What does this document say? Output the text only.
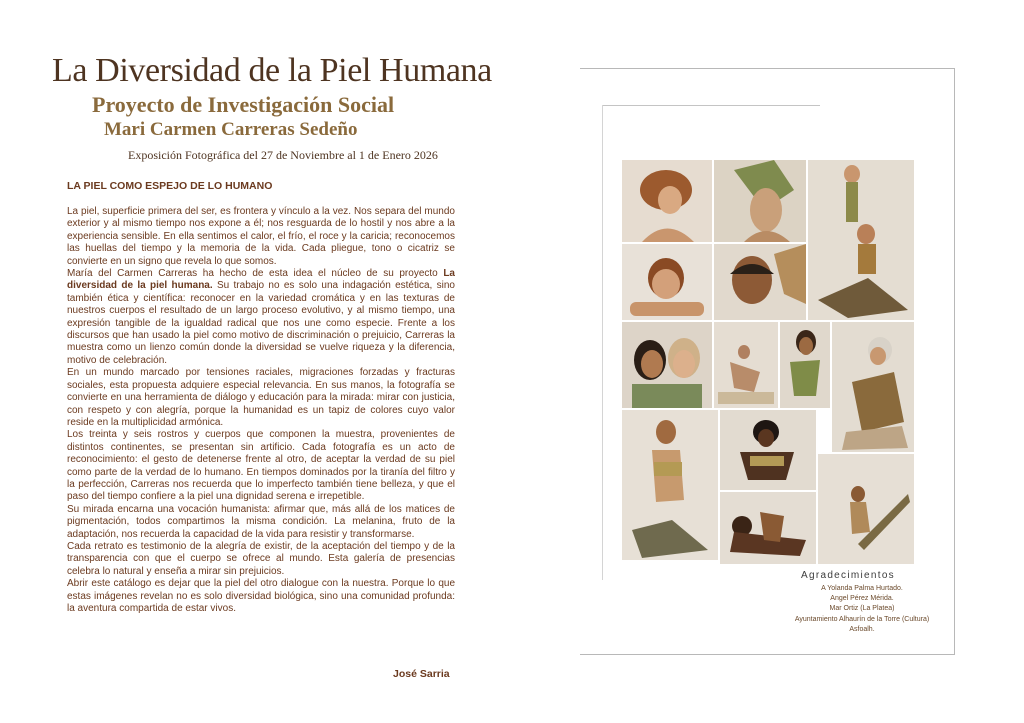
La Diversidad de la Piel Humana
Proyecto de Investigación Social
Mari Carmen Carreras Sedeño

Exposición Fotográfica del 27 de Noviembre al 1 de Enero 2026

LA PIEL COMO ESPEJO DE LO HUMANO

La piel, superficie primera del ser, es frontera y vínculo a la vez. Nos separa del mundo exterior y al mismo tiempo nos expone a él; nos resguarda de lo hostil y nos abre a la experiencia sensible. En ella sentimos el calor, el frío, el roce y la caricia; reconocemos las huellas del tiempo y la memoria de la vida. Cada pliegue, tono o cicatriz se convierte en un signo que revela lo que somos.

María del Carmen Carreras ha hecho de esta idea el núcleo de su proyecto La diversidad de la piel humana. Su trabajo no es solo una indagación estética, sino también ética y científica: reconocer en la variedad cromática y en las texturas de nuestros cuerpos el resultado de un largo proceso evolutivo, y al mismo tiempo, una expresión tangible de la igualdad radical que nos une como especie. Frente a los discursos que han usado la piel como motivo de discriminación o prejuicio, Carreras la muestra como un lienzo común donde la diversidad se vuelve riqueza y la diferencia, motivo de celebración.

En un mundo marcado por tensiones raciales, migraciones forzadas y fracturas sociales, esta propuesta adquiere especial relevancia. En sus manos, la fotografía se convierte en una herramienta de diálogo y educación para la mirada: mirar con justicia, con respeto y con alegría, porque la humanidad es un tapiz de colores cuyo valor reside en la multiplicidad armónica.

Los treinta y seis rostros y cuerpos que componen la muestra, provenientes de distintos continentes, se presentan sin artificio. Cada fotografía es un acto de reconocimiento: el gesto de detenerse frente al otro, de aceptar la verdad de su piel como parte de la verdad de lo humano. En tiempos dominados por la tiranía del filtro y la perfección, Carreras nos recuerda que lo imperfecto también tiene belleza, y que el paso del tiempo confiere a la piel una dignidad serena e irrepetible.

Su mirada encarna una vocación humanista: afirmar que, más allá de los matices de pigmentación, todos compartimos la misma condición. La melanina, fruto de la adaptación, nos recuerda la capacidad de la vida para resistir y transformarse.

Cada retrato es testimonio de la alegría de existir, de la aceptación del tiempo y de la transparencia con que el cuerpo se ofrece al mundo. Esta galería de presencias celebra lo natural y enseña a mirar sin prejuicios.

Abrir este catálogo es dejar que la piel del otro dialogue con la nuestra. Porque lo que estas imágenes revelan no es solo diversidad biológica, sino una comunidad profunda: la aventura compartida de estar vivos.

José Sarria

Agradecimientos

A Yolanda Palma Hurtado.
Angel Pérez Mérida.
Mar Ortiz (La Platea)
Ayuntamiento Alhaurín de la Torre (Cultura)
Asfoalh.
